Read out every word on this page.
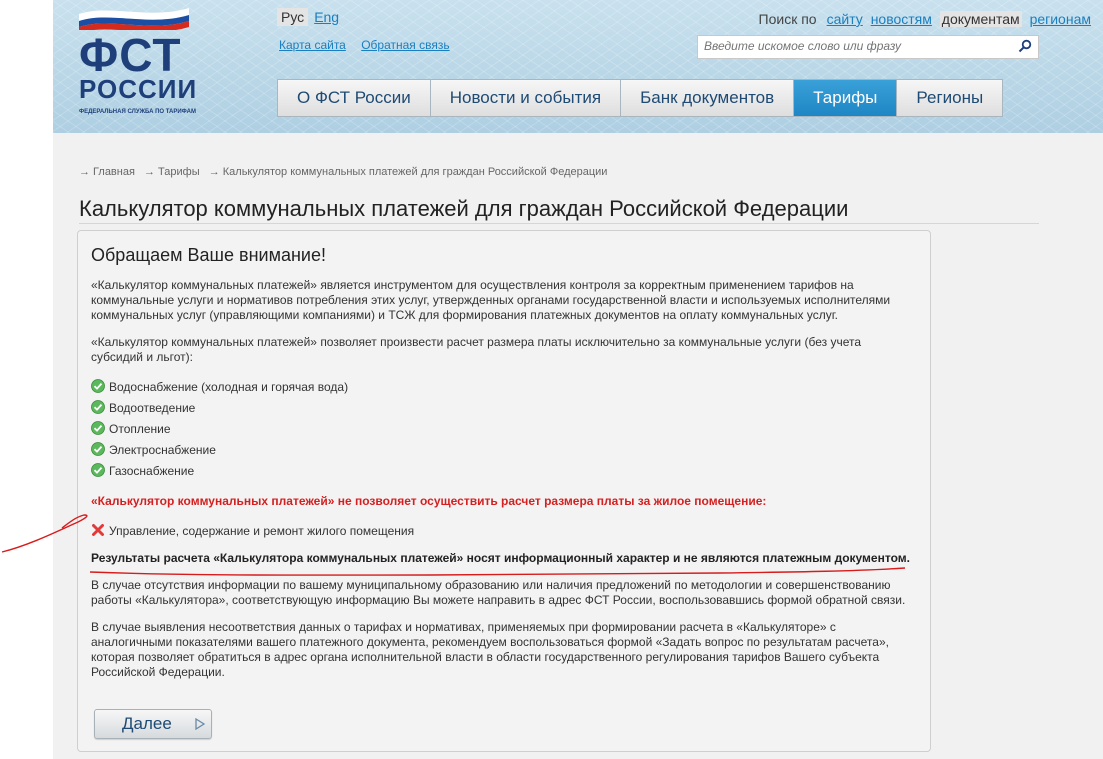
ФСТ
РОССИИ
ФЕДЕРАЛЬНАЯ СЛУЖБА ПО ТАРИФАМ
Рус Eng
Карта сайта Обратная связь
Поиск по сайту новостям документам регионам
Введите искомое слово или фразу
О ФСТ России	Новости и события	Банк документов	Тарифы	Регионы
→ Главная → Тарифы → Калькулятор коммунальных платежей для граждан Российской Федерации
Калькулятор коммунальных платежей для граждан Российской Федерации
Обращаем Ваше внимание!
«Калькулятор коммунальных платежей» является инструментом для осуществления контроля за корректным применением тарифов на коммунальные услуги и нормативов потребления этих услуг, утвержденных органами государственной власти и используемых исполнителями коммунальных услуг (управляющими компаниями) и ТСЖ для формирования платежных документов на оплату коммунальных услуг.
«Калькулятор коммунальных платежей» позволяет произвести расчет размера платы исключительно за коммунальные услуги (без учета субсидий и льгот):
Водоснабжение (холодная и горячая вода)
Водоотведение
Отопление
Электроснабжение
Газоснабжение
«Калькулятор коммунальных платежей» не позволяет осуществить расчет размера платы за жилое помещение:
Управление, содержание и ремонт жилого помещения
Результаты расчета «Калькулятора коммунальных платежей» носят информационный характер и не являются платежным документом.
В случае отсутствия информации по вашему муниципальному образованию или наличия предложений по методологии и совершенствованию работы «Калькулятора», соответствующую информацию Вы можете направить в адрес ФСТ России, воспользовавшись формой обратной связи.
В случае выявления несоответствия данных о тарифах и нормативах, применяемых при формировании расчета в «Калькуляторе» с аналогичными показателями вашего платежного документа, рекомендуем воспользоваться формой «Задать вопрос по результатам расчета», которая позволяет обратиться в адрес органа исполнительной власти в области государственного регулирования тарифов Вашего субъекта Российской Федерации.
Далее
